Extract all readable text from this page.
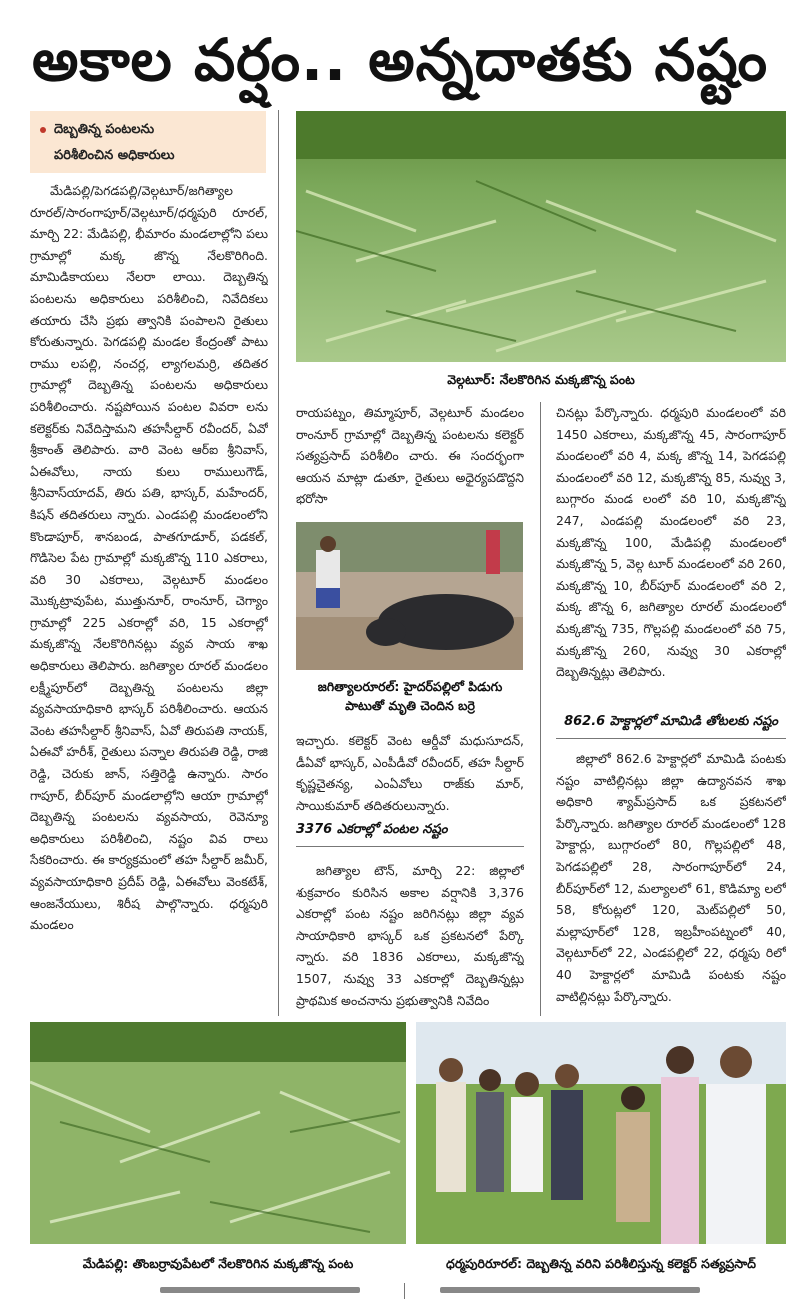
అకాల వర్షం.. అన్నదాతకు నష్టం
దెబ్బతిన్న పంటలను
పరిశీలించిన అధికారులు

మేడిపల్లి/పెగడపల్లి/వెల్గటూర్/జగిత్యాల రూరల్/సారంగాపూర్/వెల్గటూర్/ధర్మపురి రూరల్, మార్చి 22: మేడిపల్లి, భీమారం మండలాల్లోని పలు గ్రామాల్లో మక్క జొన్న నేలకొరిగింది. మామిడికాయలు నేలరా లాయి. దెబ్బతిన్న పంటలను అధికారులు పరిశీలించి, నివేదికలు తయారు చేసి ప్రభు త్వానికి పంపాలని రైతులు కోరుతున్నారు. పెగడపల్లి మండల కేంద్రంతో పాటు రాము లపల్లి, నంచర్ల, ల్యాగలమర్రి, తదితర గ్రామాల్లో దెబ్బతిన్న పంటలను అధికారులు పరిశీలించారు. నష్టపోయిన పంటల వివరా లను కలెక్టర్‌కు నివేదిస్తామని తహసీల్దార్ రవీందర్, ఏవో శ్రీకాంత్ తెలిపారు. వారి వెంట ఆర్‌ఐ శ్రీనివాస్, ఏఈవోలు, నాయ కులు రాములుగౌడ్, శ్రీనివాస్‌యాదవ్, తిరు పతి, భాస్కర్, మహేందర్, కిషన్ తదితరులు న్నారు. ఎండపల్లి మండలంలోని కొండాపూర్, శానబండ, పాతగూడూర్, పడకల్, గొడిసెల పేట గ్రామాల్లో మక్కజొన్న 110 ఎకరాలు, వరి 30 ఎకరాలు, వెల్గటూర్ మండలం మొక్కట్రావుపేట, ముత్తునూర్, రాంనూర్, చెగ్యాం గ్రామాల్లో 225 ఎకరాల్లో వరి, 15 ఎకరాల్లో మక్కజొన్న నేలకొరిగినట్లు వ్యవ సాయ శాఖ అధికారులు తెలిపారు. జగిత్యాల రూరల్ మండలం లక్ష్మీపూర్‌లో దెబ్బతిన్న పంటలను జిల్లా వ్యవసాయాధికారి భాస్కర్ పరిశీలించారు. ఆయన వెంట తహసీల్దార్ శ్రీనివాస్, ఏవో తిరుపతి నాయక్, ఏఈవో హరీశ్, రైతులు పన్నాల తిరుపతి రెడ్డి, రాజి రెడ్డి, చెరుకు జాన్, సత్తిరెడ్డి ఉన్నారు. సారం గాపూర్, బీర్‌పూర్ మండలాల్లోని ఆయా గ్రామాల్లో దెబ్బతిన్న పంటలను వ్యవసాయ, రెవెన్యూ అధికారులు పరిశీలించి, నష్టం వివ రాలు సేకరించారు. ఈ కార్యక్రమంలో తహ సీల్దార్ జమీర్, వ్యవసాయాధికారి ప్రదీప్ రెడ్డి, ఏఈవోలు వెంకటేశ్, ఆంజనేయులు, శిరీష పాల్గొన్నారు. ధర్మపురి మండలం

వెల్గటూర్: నేలకొరిగిన మక్కజొన్న పంట

రాయపట్నం, తిమ్మాపూర్, వెల్గటూర్ మండలం రాంనూర్ గ్రామాల్లో దెబ్బతిన్న పంటలను కలెక్టర్ సత్యప్రసాద్ పరిశీలిం చారు. ఈ సందర్భంగా ఆయన మాట్లా డుతూ, రైతులు అధైర్యపడొద్దని భరోసా

జగిత్యాలరూరల్: హైదర్‌పల్లిలో పిడుగు
పాటుతో మృతి చెందిన బర్రె

ఇచ్చారు. కలెక్టర్ వెంట ఆర్డీవో మధుసూదన్, డీఏవో భాస్కర్, ఎంపీడీవో రవీందర్, తహ సీల్దార్ కృష్ణచైతన్య, ఎంఏవోలు రాజ్‌కు మార్, సాయికుమార్ తదితరులున్నారు.

3376 ఎకరాల్లో పంటల నష్టం

జగిత్యాల టౌన్, మార్చి 22: జిల్లాలో శుక్రవారం కురిసిన అకాల వర్షానికి 3,376 ఎకరాల్లో పంట నష్టం జరిగినట్లు జిల్లా వ్యవ సాయాధికారి భాస్కర్ ఒక ప్రకటనలో పేర్కొ న్నారు. వరి 1836 ఎకరాలు, మక్కజొన్న 1507, నువ్వు 33 ఎకరాల్లో దెబ్బతిన్నట్లు ప్రాథమిక అంచనాను ప్రభుత్వానికి నివేదిం

చినట్లు పేర్కొన్నారు. ధర్మపురి మండలంలో వరి 1450 ఎకరాలు, మక్కజొన్న 45, సారంగాపూర్ మండలంలో వరి 4, మక్క జొన్న 14, పెగడపల్లి మండలంలో వరి 12, మక్కజొన్న 85, నువ్వు 3, బుగ్గారం మండ లంలో వరి 10, మక్కజొన్న 247, ఎండపల్లి మండలంలో వరి 23, మక్కజొన్న 100, మేడిపల్లి మండలంలో మక్కజొన్న 5, వెల్గ టూర్ మండలంలో వరి 260, మక్కజొన్న 10, బీర్‌పూర్ మండలంలో వరి 2, మక్క జొన్న 6, జగిత్యాల రూరల్ మండలంలో మక్కజొన్న 735, గొల్లపల్లి మండలంలో వరి 75, మక్కజొన్న 260, నువ్వు 30 ఎకరాల్లో దెబ్బతిన్నట్లు తెలిపారు.

862.6 హెక్టార్లలో మామిడి తోటలకు నష్టం

జిల్లాలో 862.6 హెక్టార్లలో మామిడి పంటకు నష్టం వాటిల్లినట్లు జిల్లా ఉద్యానవన శాఖ అధికారి శ్యామ్‌ప్రసాద్ ఒక ప్రకటనలో పేర్కొన్నారు. జగిత్యాల రూరల్ మండలంలో 128 హెక్టార్లు, బుగ్గారంలో 80, గొల్లపల్లిలో 48, పెగడపల్లిలో 28, సారంగాపూర్‌లో 24, బీర్‌పూర్‌లో 12, మల్యాలలో 61, కొడిమ్యా లలో 58, కోరుట్లలో 120, మెట్‌పల్లిలో 50, మల్లాపూర్‌లో 128, ఇబ్రహీంపట్నంలో 40, వెల్గటూర్‌లో 22, ఎండపల్లిలో 22, ధర్మపు రిలో 40 హెక్టార్లలో మామిడి పంటకు నష్టం వాటిల్లినట్లు పేర్కొన్నారు.

మేడిపల్లి: తొంబర్రావుపేటలో నేలకొరిగిన మక్కజొన్న పంట	ధర్మపురిరూరల్: దెబ్బతిన్న వరిని పరిశీలిస్తున్న కలెక్టర్ సత్యప్రసాద్
